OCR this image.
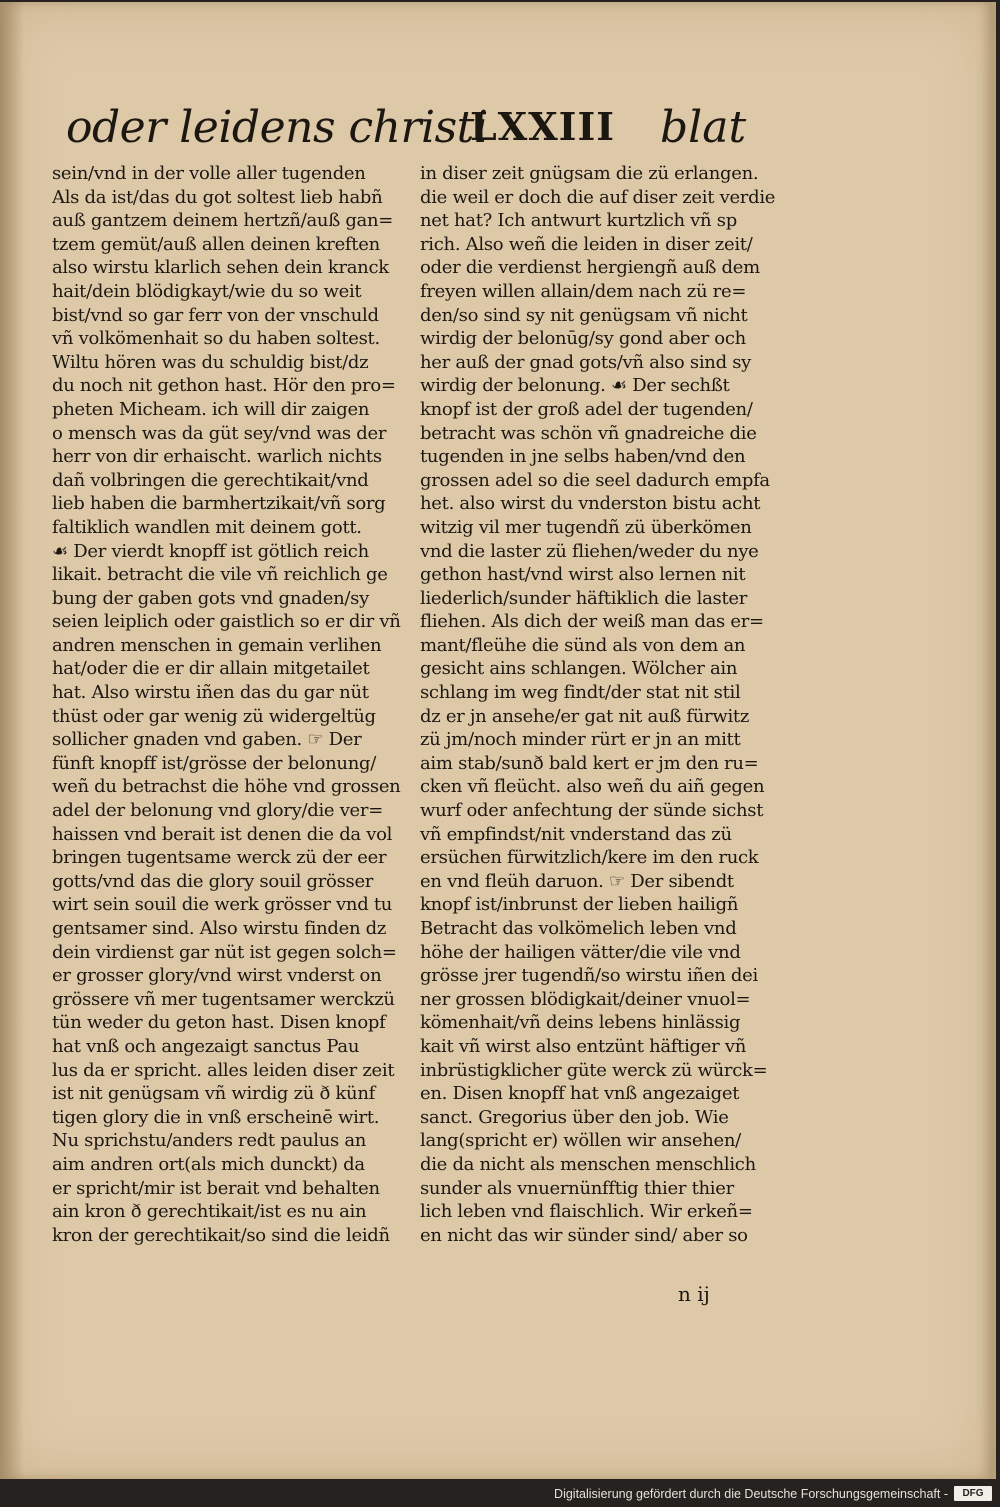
oder leidens christi
LXXIII blat
sein/vnd in der volle aller tugenden
Als da ist/das du got soltest lieb habñ
auß gantzem deinem hertzñ/auß gan=
tzem gemüt/auß allen deinen kreften
also wirstu klarlich sehen dein kranck
hait/dein blödigkayt/wie du so weit
bist/vnd so gar ferr von der vnschuld
vñ volkömenhait so du haben soltest.
Wiltu hören was du schuldig bist/dz
du noch nit gethon hast. Hör den pro=
pheten Micheam. ich will dir zaigen
o mensch was da güt sey/vnd was der
herr von dir erhaischt. warlich nichts
dañ volbringen die gerechtikait/vnd
lieb haben die barmhertzikait/vñ sorg
faltiklich wandlen mit deinem gott.
☙ Der vierdt knopff ist götlich reich
likait. betracht die vile vñ reichlich ge
bung der gaben gots vnd gnaden/sy
seien leiplich oder gaistlich so er dir vñ
andren menschen in gemain verlihen
hat/oder die er dir allain mitgetailet
hat. Also wirstu iñen das du gar nüt
thüst oder gar wenig zü widergeltüg
sollicher gnaden vnd gaben. ☞ Der
fünft knopff ist/grösse der belonung/
weñ du betrachst die höhe vnd grossen
adel der belonung vnd glory/die ver=
haissen vnd berait ist denen die da vol
bringen tugentsame werck zü der eer
gotts/vnd das die glory souil grösser
wirt sein souil die werk grösser vnd tu
gentsamer sind. Also wirstu finden dz
dein virdienst gar nüt ist gegen solch=
er grosser glory/vnd wirst vnderst on
grössere vñ mer tugentsamer werckzü
tün weder du geton hast. Disen knopf
hat vnß och angezaigt sanctus Pau
lus da er spricht. alles leiden diser zeit
ist nit genügsam vñ wirdig zü ð künf
tigen glory die in vnß erscheinē wirt.
Nu sprichstu/anders redt paulus an
aim andren ort(als mich dunckt) da
er spricht/mir ist berait vnd behalten
ain kron ð gerechtikait/ist es nu ain
kron der gerechtikait/so sind die leidñ
in diser zeit gnügsam die zü erlangen.
die weil er doch die auf diser zeit verdie
net hat? Ich antwurt kurtzlich vñ sp
rich. Also weñ die leiden in diser zeit/
oder die verdienst hergiengñ auß dem
freyen willen allain/dem nach zü re=
den/so sind sy nit genügsam vñ nicht
wirdig der belonūg/sy gond aber och
her auß der gnad gots/vñ also sind sy
wirdig der belonung. ☙ Der sechßt
knopf ist der groß adel der tugenden/
betracht was schön vñ gnadreiche die
tugenden in jne selbs haben/vnd den
grossen adel so die seel dadurch empfa
het. also wirst du vnderston bistu acht
witzig vil mer tugendñ zü überkömen
vnd die laster zü fliehen/weder du nye
gethon hast/vnd wirst also lernen nit
liederlich/sunder häftiklich die laster
fliehen. Als dich der weiß man das er=
mant/fleühe die sünd als von dem an
gesicht ains schlangen. Wölcher ain
schlang im weg findt/der stat nit stil
dz er jn ansehe/er gat nit auß fürwitz
zü jm/noch minder rürt er jn an mitt
aim stab/sunð bald kert er jm den ru=
cken vñ fleücht. also weñ du aiñ gegen
wurf oder anfechtung der sünde sichst
vñ empfindst/nit vnderstand das zü
ersüchen fürwitzlich/kere im den ruck
en vnd fleüh daruon. ☞ Der sibendt
knopf ist/inbrunst der lieben hailigñ
Betracht das volkömelich leben vnd
höhe der hailigen vätter/die vile vnd
grösse jrer tugendñ/so wirstu iñen dei
ner grossen blödigkait/deiner vnuol=
kömenhait/vñ deins lebens hinlässig
kait vñ wirst also entzünt häftiger vñ
inbrüstigklicher güte werck zü würck=
en. Disen knopff hat vnß angezaiget
sanct. Gregorius über den job. Wie
lang(spricht er) wöllen wir ansehen/
die da nicht als menschen menschlich
sunder als vnuernünfftig thier thier
lich leben vnd flaischlich. Wir erkeñ=
en nicht das wir sünder sind/ aber so
n ij
Digitalisierung gefördert durch die Deutsche Forschungsgemeinschaft -	DFG
